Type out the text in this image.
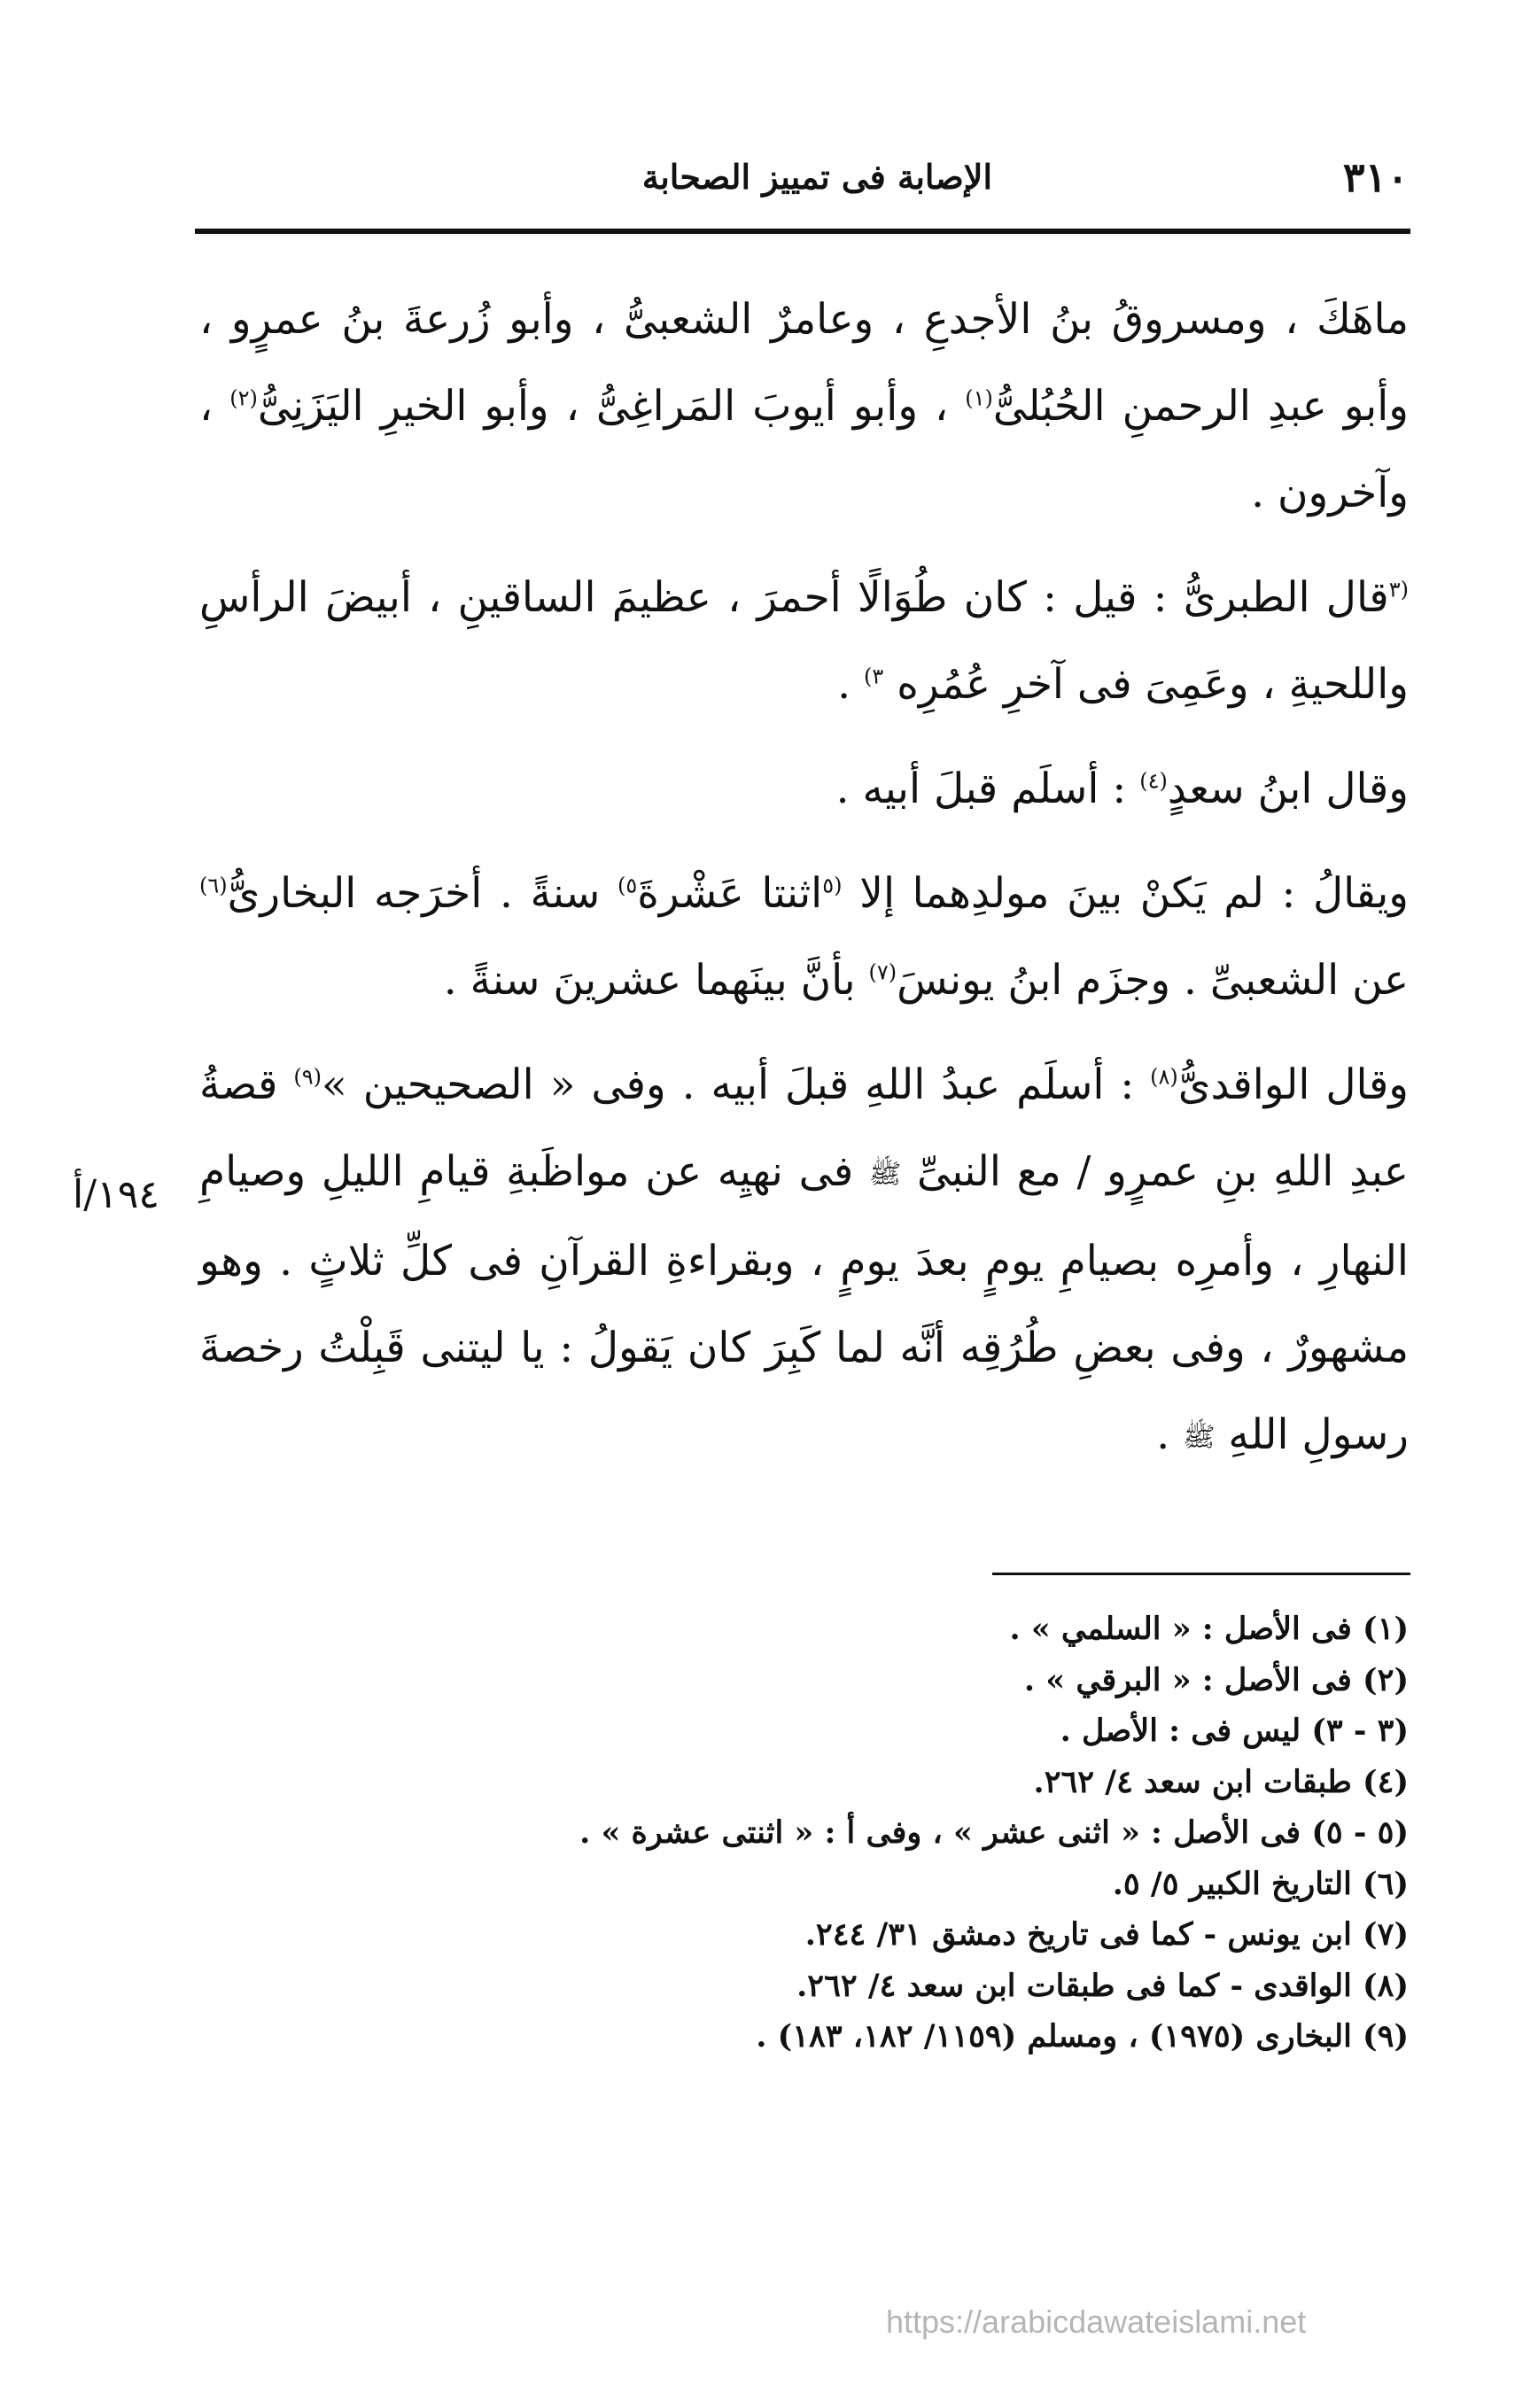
٣١٠
الإصابة فى تمييز الصحابة
١٩٤/أ

ماهَكَ ، ومسروقُ بنُ الأجدعِ ، وعامرٌ الشعبىُّ ، وأبو زُرعةَ بنُ عمرٍو ، وأبو عبدِ الرحمنِ الحُبُلىُّ$^{(١)}$ ، وأبو أيوبَ المَراغِىُّ ، وأبو الخيرِ اليَزَنِىُّ$^{(٢)}$ ، وآخرون .

$^{(٣}$قال الطبرىُّ : قيل : كان طُوَالًا أحمرَ ، عظيمَ الساقينِ ، أبيضَ الرأسِ واللحيةِ ، وعَمِىَ فى آخرِ عُمُرِه $^{٣)}$ .

وقال ابنُ سعدٍ$^{(٤)}$ : أسلَم قبلَ أبيه .

ويقالُ : لم يَكنْ بينَ مولدِهما إلا $^{(٥}$اثنتا عَشْرةَ$^{٥)}$ سنةً . أخرَجه البخارىُّ$^{(٦)}$ عن الشعبىِّ . وجزَم ابنُ يونسَ$^{(٧)}$ بأنَّ بينَهما عشرينَ سنةً .

وقال الواقدىُّ$^{(٨)}$ : أسلَم عبدُ اللهِ قبلَ أبيه . وفى « الصحيحين »$^{(٩)}$ قصةُ عبدِ اللهِ بنِ عمرٍو / مع النبىِّ ﷺ فى نهيِه عن مواظَبةِ قيامِ الليلِ وصيامِ النهارِ ، وأمرِه بصيامِ يومٍ بعدَ يومٍ ، وبقراءةِ القرآنِ فى كلِّ ثلاثٍ . وهو مشهورٌ ، وفى بعضِ طُرُقِه أنَّه لما كَبِرَ كان يَقولُ : يا ليتنى قَبِلْتُ رخصةَ رسولِ اللهِ ﷺ .

(١) فى الأصل : « السلمي » .
(٢) فى الأصل : « البرقي » .
(٣ - ٣) ليس فى : الأصل .
(٤) طبقات ابن سعد ٤/ ٢٦٢.
(٥ - ٥) فى الأصل : « اثنى عشر » ، وفى أ : « اثنتى عشرة » .
(٦) التاريخ الكبير ٥/ ٥.
(٧) ابن يونس - كما فى تاريخ دمشق ٣١/ ٢٤٤.
(٨) الواقدى - كما فى طبقات ابن سعد ٤/ ٢٦٢.
(٩) البخارى (١٩٧٥) ، ومسلم (١١٥٩/ ١٨٢، ١٨٣) .
https://arabicdawateislami.net
